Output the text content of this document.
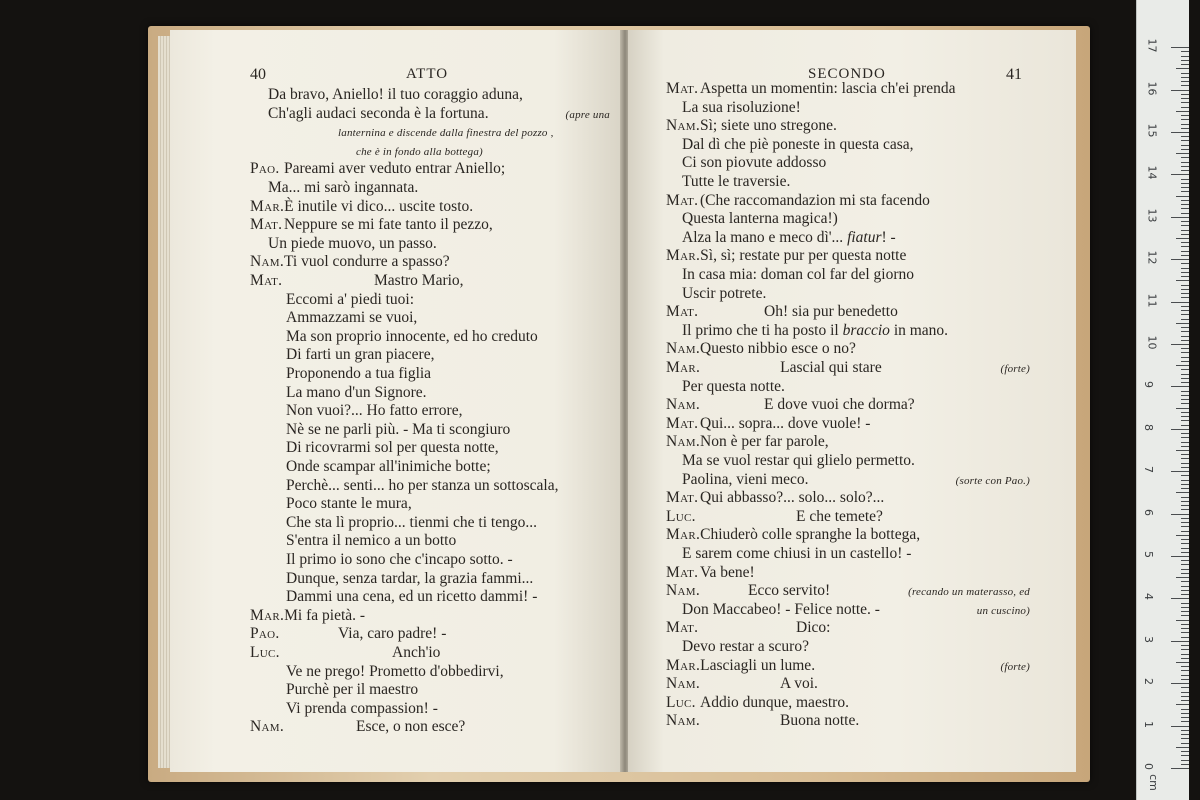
40	ATTO
Da bravo, Aniello! il tuo coraggio aduna,
Ch'agli audaci seconda è la fortuna.	(apre una
lanternina e discende dalla finestra del pozzo ,
che è in fondo alla bottega)
Pao. Pareami aver veduto entrar Aniello;
Ma... mi sarò ingannata.
Mar.È inutile vi dico... uscite tosto.
Mat. Neppure se mi fate tanto il pezzo,
Un piede muovo, un passo.
Nam.Ti vuol condurre a spasso?
Mat.	Mastro Mario,
Eccomi a' piedi tuoi:
Ammazzami se vuoi,
Ma son proprio innocente, ed ho creduto
Di farti un gran piacere,
Proponendo a tua figlia
La mano d'un Signore.
Non vuoi?... Ho fatto errore,
Nè se ne parli più. - Ma ti scongiuro
Di ricovrarmi sol per questa notte,
Onde scampar all'inimiche botte;
Perchè... senti... ho per stanza un sottoscala,
Poco stante le mura,
Che sta lì proprio... tienmi che ti tengo...
S'entra il nemico a un botto
Il primo io sono che c'incapo sotto. -
Dunque, senza tardar, la grazia fammi...
Dammi una cena, ed un ricetto dammi! -
Mar.Mi fa pietà. -
Pao.	Via, caro padre! -
Luc.	Anch'io
Ve ne prego! Prometto d'obbedirvi,
Purchè per il maestro
Vi prenda compassion! -
Nam.	Esce, o non esce?
SECONDO	41
Mat. Aspetta un momentin: lascia ch'ei prenda
La sua risoluzione!
Nam.Sì; siete uno stregone.
Dal dì che piè poneste in questa casa,
Ci son piovute addosso
Tutte le traversie.
Mat. (Che raccomandazion mi sta facendo
Questa lanterna magica!)
Alza la mano e meco dì'... fiatur! -
Mar.Sì, sì; restate pur per questa notte
In casa mia: doman col far del giorno
Uscir potrete.
Mat.	Oh! sia pur benedetto
Il primo che ti ha posto il braccio in mano.
Nam.Questo nibbio esce o no?
Mar.	Lascial qui stare	(forte)
Per questa notte.
Nam.	E dove vuoi che dorma?
Mat. Qui... sopra... dove vuole! -
Nam.Non è per far parole,
Ma se vuol restar qui glielo permetto.
Paolina, vieni meco.	(sorte con Pao.)
Mat. Qui abbasso?... solo... solo?...
Luc.	E che temete?
Mar.Chiuderò colle spranghe la bottega,
E sarem come chiusi in un castello! -
Mat. Va bene!
Nam.	Ecco servito!	(recando un materasso, ed
Don Maccabeo! - Felice notte. -	un cuscino)
Mat.	Dico:
Devo restar a scuro?
Mar.Lasciagli un lume.	(forte)
Nam.	A voi.
Luc. Addio dunque, maestro.
Nam.	Buona notte.
0
1
2
3
4
5
6
7
8
9
10
11
12
13
14
15
16
17
cm
